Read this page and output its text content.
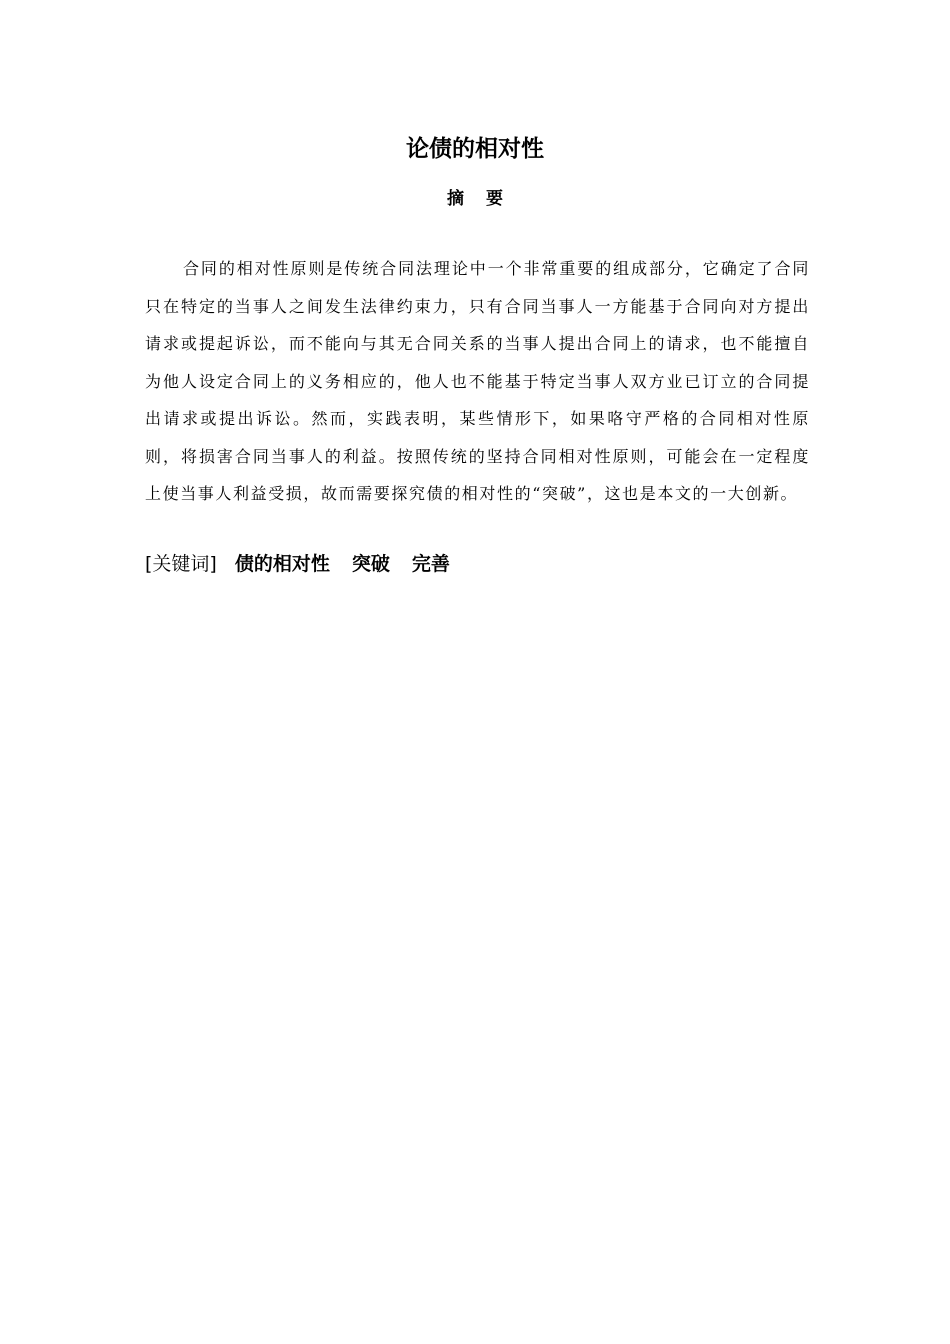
论债的相对性
摘 要

合同的相对性原则是传统合同法理论中一个非常重要的组成部分，它确定了合同只在特定的当事人之间发生法律约束力，只有合同当事人一方能基于合同向对方提出请求或提起诉讼，而不能向与其无合同关系的当事人提出合同上的请求，也不能擅自为他人设定合同上的义务相应的，他人也不能基于特定当事人双方业已订立的合同提出请求或提出诉讼。然而，实践表明，某些情形下，如果咯守严格的合同相对性原则，将损害合同当事人的利益。按照传统的坚持合同相对性原则，可能会在一定程度上使当事人利益受损，故而需要探究债的相对性的“突破”，这也是本文的一大创新。

[关键词] 债的相对性 突破 完善
